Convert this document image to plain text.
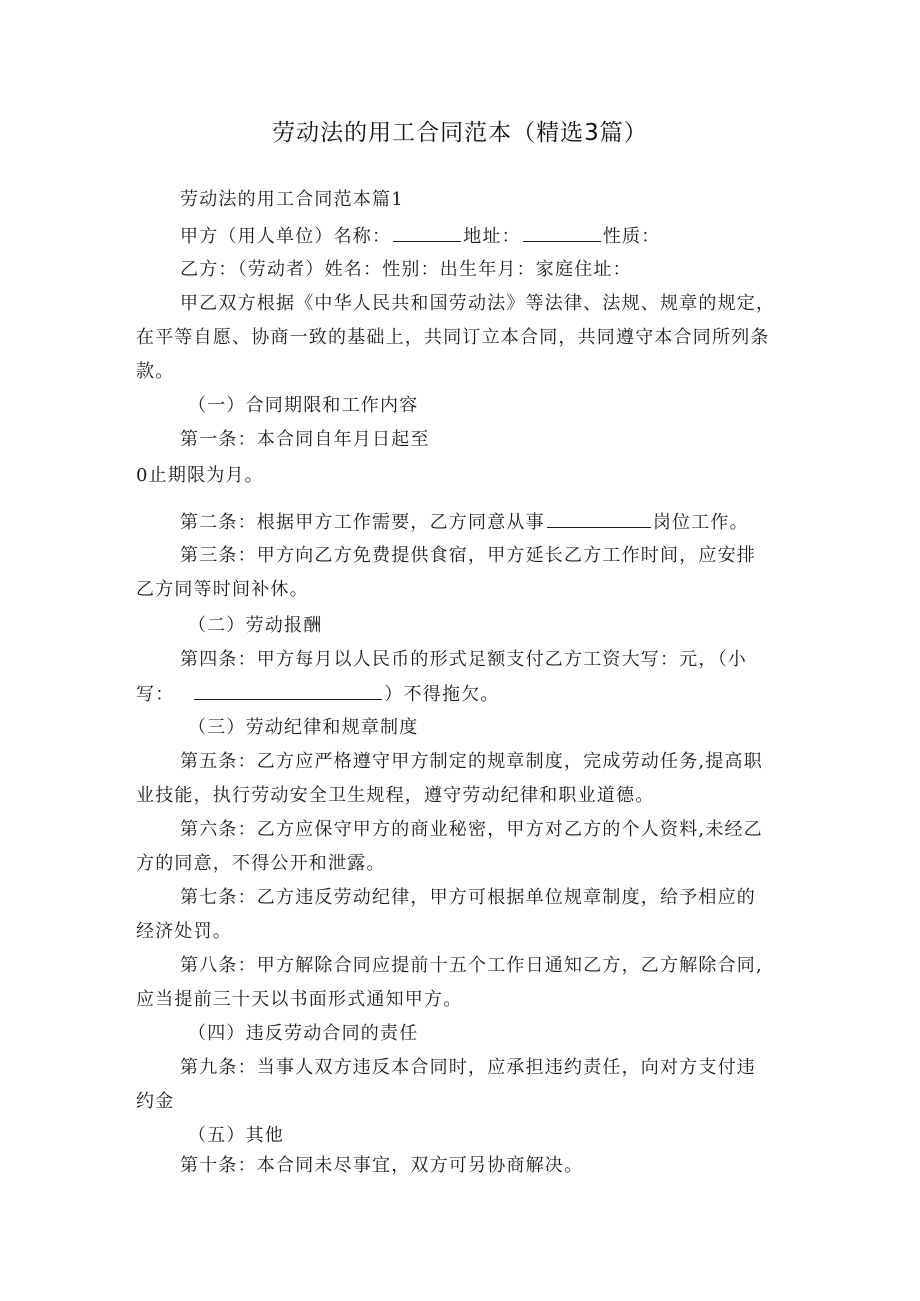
劳动法的用工合同范本（精选3篇）
劳动法的用工合同范本篇1
甲方（用人单位）名称：	地址：	性质：
乙方：（劳动者）姓名：性别：出生年月：家庭住址：
甲乙双方根据《中华人民共和国劳动法》等法律、法规、规章的规定，
在平等自愿、协商一致的基础上，共同订立本合同，共同遵守本合同所列条
款。
（一）合同期限和工作内容
第一条：本合同自年月日起至
0止期限为月。
第二条：根据甲方工作需要，乙方同意从事	岗位工作。
第三条：甲方向乙方免费提供食宿，甲方延长乙方工作时间，应安排
乙方同等时间补休。
（二）劳动报酬
第四条：甲方每月以人民币的形式足额支付乙方工资大写：元，（小
写：	）不得拖欠。
（三）劳动纪律和规章制度
第五条：乙方应严格遵守甲方制定的规章制度，完成劳动任务,提高职
业技能，执行劳动安全卫生规程，遵守劳动纪律和职业道德。
第六条：乙方应保守甲方的商业秘密，甲方对乙方的个人资料,未经乙
方的同意，不得公开和泄露。
第七条：乙方违反劳动纪律，甲方可根据单位规章制度，给予相应的
经济处罚。
第八条：甲方解除合同应提前十五个工作日通知乙方，乙方解除合同,
应当提前三十天以书面形式通知甲方。
（四）违反劳动合同的责任
第九条：当事人双方违反本合同时，应承担违约责任，向对方支付违
约金
（五）其他
第十条：本合同未尽事宜，双方可另协商解决。
